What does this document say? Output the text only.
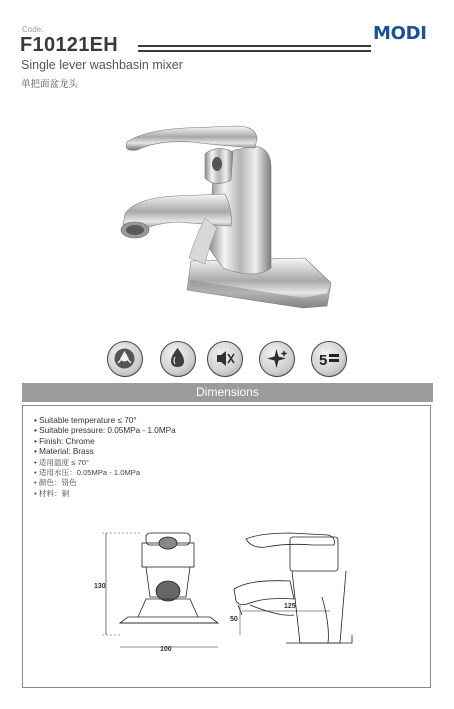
Code:
F10121EH
MODI
Single lever washbasin mixer
单把面盆龙头
5
Dimensions
• Suitable temperature ≤ 70°
• Suitable pressure: 0.05MPa - 1.0MPa
• Finish: Chrome
• Material: Brass
• 适用温度 ≤ 70°
• 适用水压：0.05MPa - 1.0MPa
• 颜色：铬色
• 材料：铜
130
100
125
50
